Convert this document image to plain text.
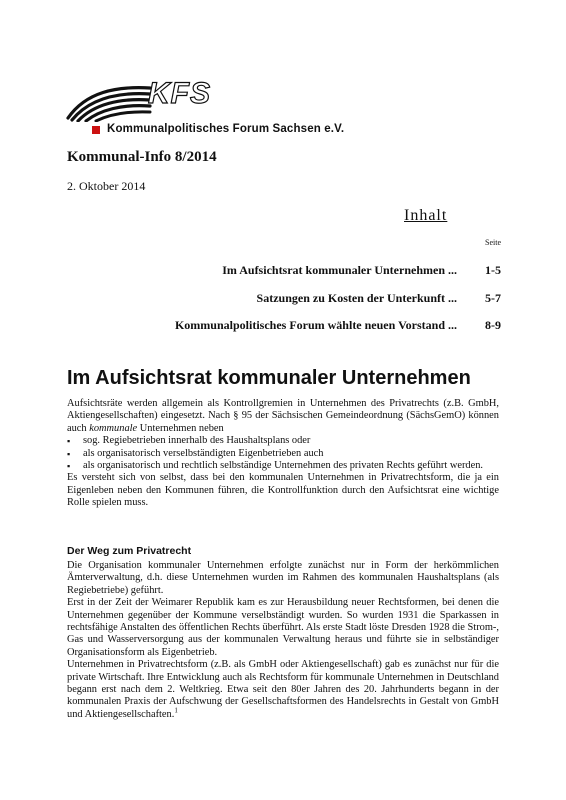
KFS
Kommunalpolitisches Forum Sachsen e.V.
Kommunal-Info 8/2014
2. Oktober 2014
Inhalt
Seite
Im Aufsichtsrat kommunaler Unternehmen ...	1-5
Satzungen zu Kosten der Unterkunft ...	5-7
Kommunalpolitisches Forum wählte neuen Vorstand ...	8-9
Im Aufsichtsrat kommunaler Unternehmen
Aufsichtsräte werden allgemein als Kontrollgremien in Unternehmen des Privatrechts (z.B. GmbH, Aktiengesellschaften) eingesetzt. Nach § 95 der Sächsischen Gemeindeordnung (SächsGemO) können auch kommunale Unternehmen neben
▪ sog. Regiebetrieben innerhalb des Haushaltsplans oder
▪ als organisatorisch verselbständigten Eigenbetrieben auch
▪ als organisatorisch und rechtlich selbständige Unternehmen des privaten Rechts geführt werden.
Es versteht sich von selbst, dass bei den kommunalen Unternehmen in Privatrechtsform, die ja ein Eigenleben neben den Kommunen führen, die Kontrollfunktion durch den Aufsichtsrat eine wichtige Rolle spielen muss.
Der Weg zum Privatrecht
Die Organisation kommunaler Unternehmen erfolgte zunächst nur in Form der herkömmlichen Ämterverwaltung, d.h. diese Unternehmen wurden im Rahmen des kommunalen Haushaltsplans (als Regiebetriebe) geführt.
Erst in der Zeit der Weimarer Republik kam es zur Herausbildung neuer Rechtsformen, bei denen die Unternehmen gegenüber der Kommune verselbständigt wurden. So wurden 1931 die Sparkassen in rechtsfähige Anstalten des öffentlichen Rechts überführt. Als erste Stadt löste Dresden 1928 die Strom-, Gas und Wasserversorgung aus der kommunalen Verwaltung heraus und führte sie in selbständiger Organisationsform als Eigenbetrieb.
Unternehmen in Privatrechtsform (z.B. als GmbH oder Aktiengesellschaft) gab es zunächst nur für die private Wirtschaft. Ihre Entwicklung auch als Rechtsform für kommunale Unternehmen in Deutschland begann erst nach dem 2. Weltkrieg. Etwa seit den 80er Jahren des 20. Jahrhunderts begann in der kommunalen Praxis der Aufschwung der Gesellschaftsformen des Handelsrechts in Gestalt von GmbH und Aktiengesellschaften.$^1$
